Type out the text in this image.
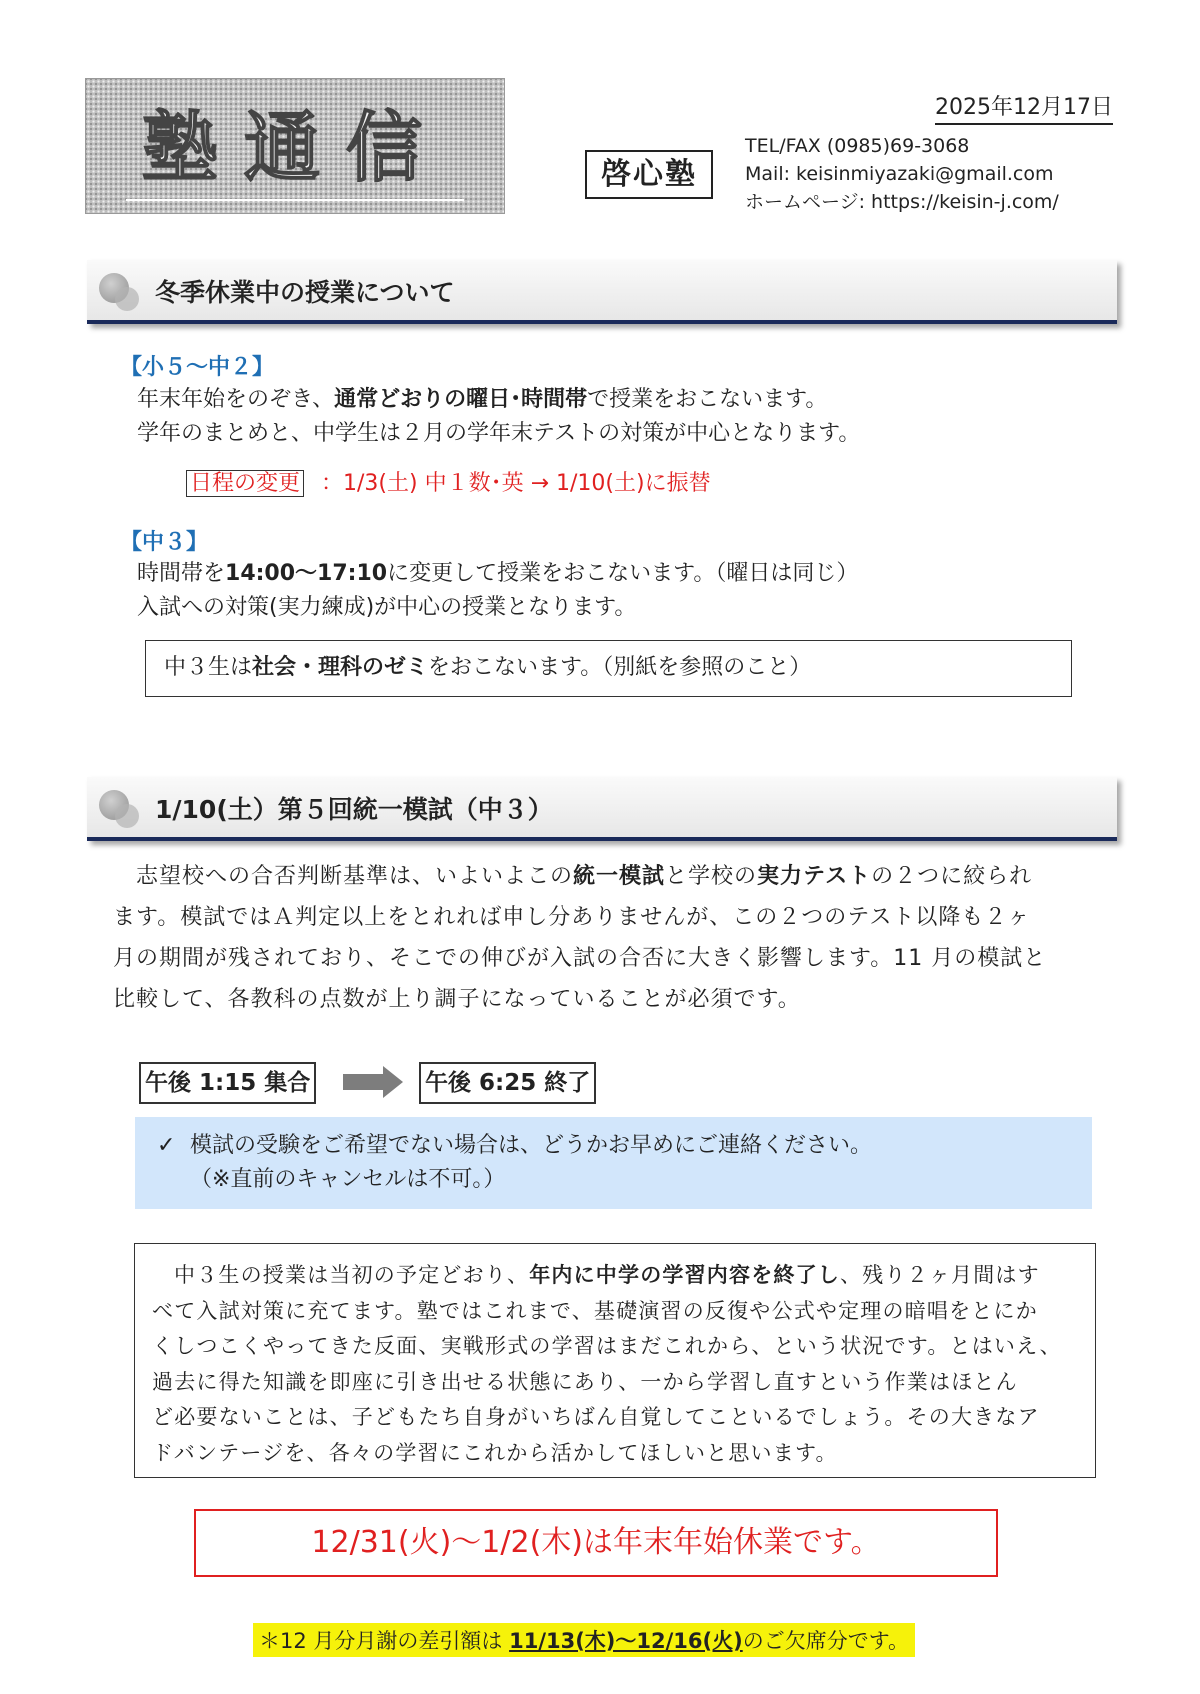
塾通信	2025年12月17日
啓心塾
TEL/FAX (0985)69-3068
Mail: keisinmiyazaki@gmail.com
ホームページ: https://keisin-j.com/
冬季休業中の授業について
【小５～中２】
年末年始をのぞき、通常どおりの曜日･時間帯で授業をおこないます。
学年のまとめと、中学生は２月の学年末テストの対策が中心となります。
日程の変更 ：1/3(土) 中１数･英 → 1/10(土)に振替
【中３】
時間帯を14:00～17:10に変更して授業をおこないます。（曜日は同じ）
入試への対策(実力練成)が中心の授業となります。
中３生は社会・理科のゼミをおこないます。（別紙を参照のこと）
1/10(土）第５回統一模試（中３）
志望校への合否判断基準は、いよいよこの統一模試と学校の実力テストの２つに絞られ
ます。模試ではＡ判定以上をとれれば申し分ありませんが、この２つのテスト以降も２ヶ
月の期間が残されており、そこでの伸びが入試の合否に大きく影響します。11 月の模試と
比較して、各教科の点数が上り調子になっていることが必須です。
午後 1:15 集合	午後 6:25 終了
✓ 模試の受験をご希望でない場合は、どうかお早めにご連絡ください。
（※直前のキャンセルは不可。）
中３生の授業は当初の予定どおり、年内に中学の学習内容を終了し、残り２ヶ月間はす
べて入試対策に充てます。塾ではこれまで、基礎演習の反復や公式や定理の暗唱をとにか
くしつこくやってきた反面、実戦形式の学習はまだこれから、という状況です。とはいえ、
過去に得た知識を即座に引き出せる状態にあり、一から学習し直すという作業はほとん
ど必要ないことは、子どもたち自身がいちばん自覚してこといるでしょう。その大きなア
ドバンテージを、各々の学習にこれから活かしてほしいと思います。
12/31(火)～1/2(木)は年末年始休業です。
＊12 月分月謝の差引額は 11/13(木)～12/16(火)のご欠席分です。
